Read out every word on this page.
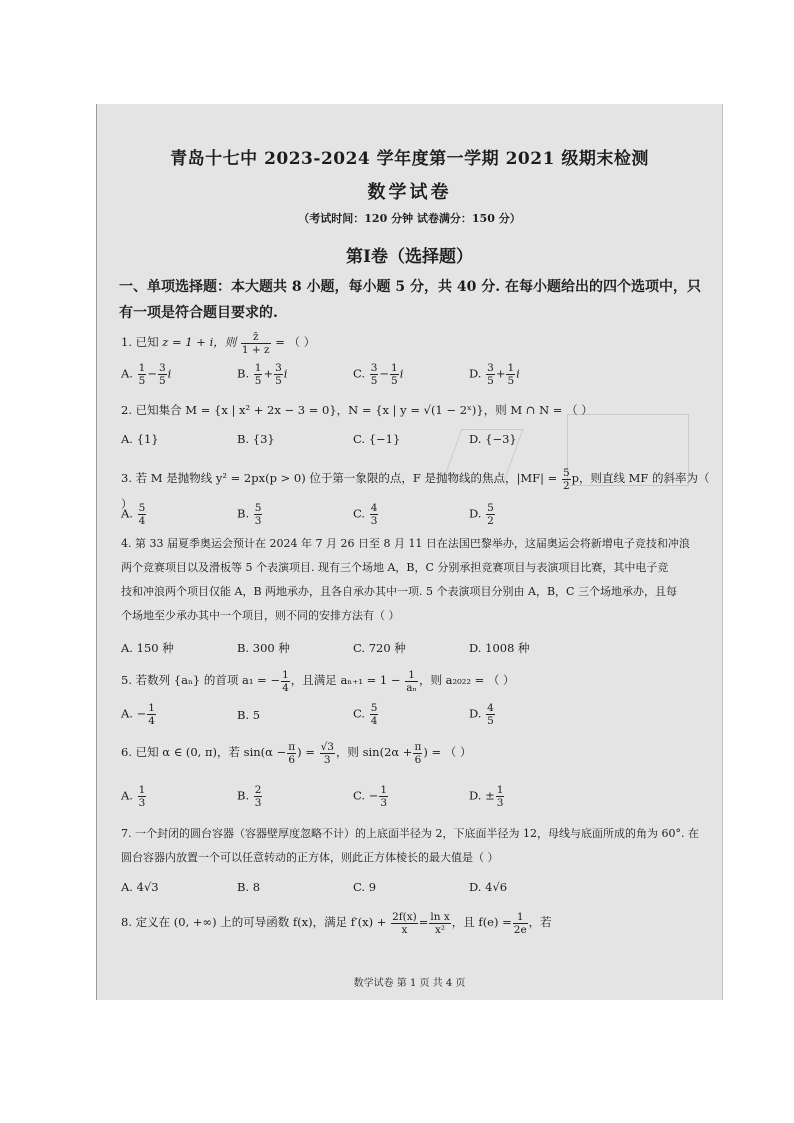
青岛十七中 2023-2024 学年度第一学期 2021 级期末检测
数学试卷
（考试时间：120 分钟 试卷满分：150 分）
第Ⅰ卷（选择题）
一、单项选择题：本大题共 8 小题，每小题 5 分，共 40 分. 在每小题给出的四个选项中，只有一项是符合题目要求的.
1. 已知 z = 1 + i，则 $\frac{z̄}{1 + z}$ = （ ）
A. $\frac{1}{5} - \frac{3}{5}$ i	B. $\frac{1}{5} + \frac{3}{5}$ i	C. $\frac{3}{5} - \frac{1}{5}$ i	D. $\frac{3}{5} + \frac{1}{5}$ i
2. 已知集合 M = {x | x² + 2x − 3 = 0}，N = {x | y = √(1 − 2ˣ)}，则 M ∩ N = （ ）
A. {1}	B. {3}	C. {−1}	D. {−3}
3. 若 M 是抛物线 y² = 2px(p > 0) 位于第一象限的点，F 是抛物线的焦点，$|MF| = \frac{5}{2}$ p，则直线 MF 的斜率为（ ）
A. $\frac{5}{4}$	B. $\frac{5}{3}$	C. $\frac{4}{3}$	D. $\frac{5}{2}$
4. 第 33 届夏季奥运会预计在 2024 年 7 月 26 日至 8 月 11 日在法国巴黎举办，这届奥运会将新增电子竞技和冲浪
两个竞赛项目以及滑板等 5 个表演项目. 现有三个场地 A，B，C 分别承担竞赛项目与表演项目比赛，其中电子竞
技和冲浪两个项目仅能 A，B 两地承办，且各自承办其中一项. 5 个表演项目分别由 A，B，C 三个场地承办，且每
个场地至少承办其中一个项目，则不同的安排方法有（ ）
A. 150 种	B. 300 种	C. 720 种	D. 1008 种
5. 若数列 {aₙ} 的首项 a₁ = − $\frac{1}{4}$ ，且满足 $a_{n+1} = 1 - \frac{1}{\text{aₙ}}$ ，则 a₂₀₂₂ = （ ）
A. − $\frac{1}{4}$	B. 5	C. $\frac{5}{4}$	D. $\frac{4}{5}$
6. 已知 α ∈ (0, π)，若 $\sin(\alpha - \frac{\pi}{6}$ ) = $\frac{√3}{3}$ ，则 $\sin(2\alpha + \frac{\pi}{6}$ ) = （ ）
A. $\frac{1}{3}$	B. $\frac{2}{3}$	C. − $\frac{1}{3}$	D. ± $\frac{1}{3}$
7. 一个封闭的圆台容器（容器壁厚度忽略不计）的上底面半径为 2，下底面半径为 12，母线与底面所成的角为 60°. 在
圆台容器内放置一个可以任意转动的正方体，则此正方体棱长的最大值是（ ）
A. 4√3	B. 8	C. 9	D. 4√6
8. 定义在 (0, +∞) 上的可导函数 f(x)，满足 $f'(x) + \frac{2f(x)}{x} = \frac{\text{ln x}}{\text{x²}}$ ，且 $f(e) = \frac{1}{2e}$ ，若
数学试卷 第 1 页 共 4 页
